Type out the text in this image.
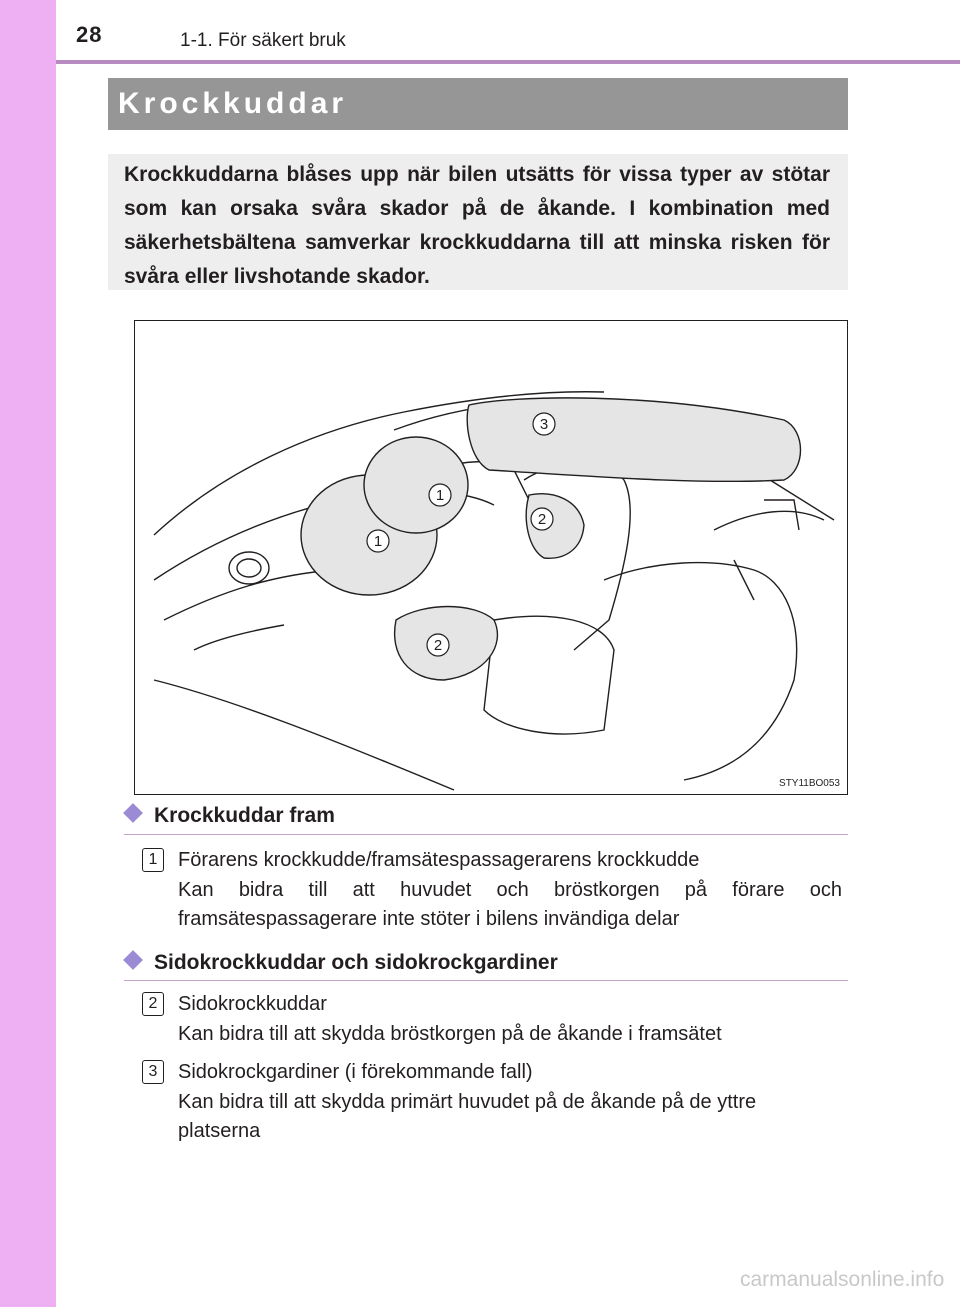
28	1-1. För säkert bruk
Krockkuddar
Krockkuddarna blåses upp när bilen utsätts för vissa typer av stötar som kan orsaka svåra skador på de åkande. I kombination med säkerhetsbältena samverkar krockkuddarna till att minska risken för svåra eller livshotande skador.
1
1
2
2
3
STY11BO053
Krockkuddar fram
1	Förarens krockkudde/framsätespassagerarens krockkudde
Kan bidra till att huvudet och bröstkorgen på förare och framsätespassagerare inte stöter i bilens invändiga delar
Sidokrockkuddar och sidokrockgardiner
2	Sidokrockkuddar
Kan bidra till att skydda bröstkorgen på de åkande i framsätet
3	Sidokrockgardiner (i förekommande fall)
Kan bidra till att skydda primärt huvudet på de åkande på de yttre platserna
carmanualsonline.info
